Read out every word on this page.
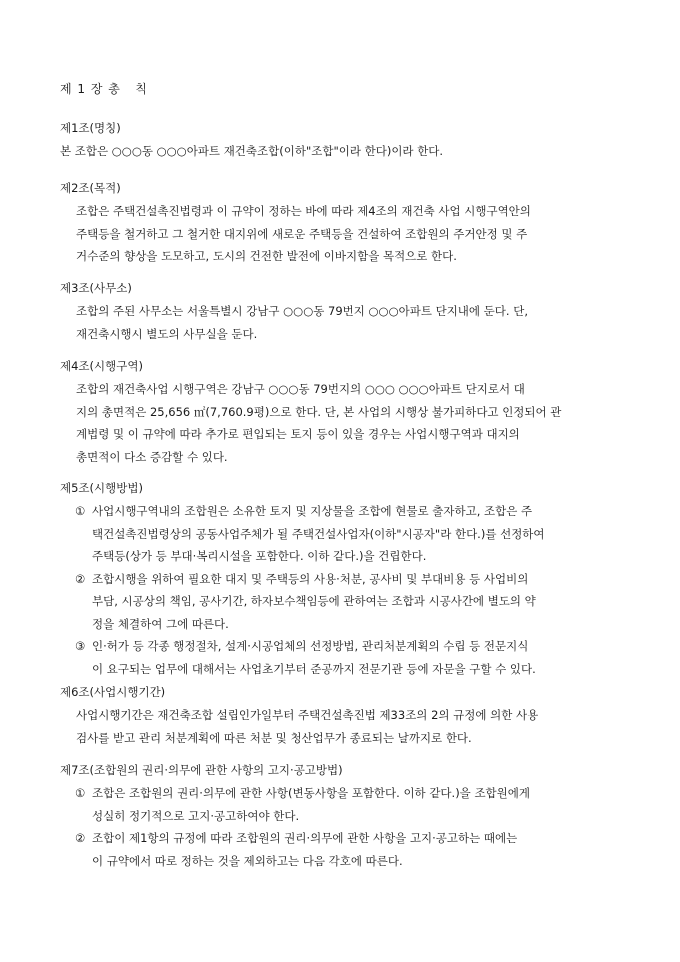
제 1 장 총   칙
제1조(명칭)
본 조합은 ○○○동 ○○○아파트 재건축조합(이하"조합"이라 한다)이라 한다.
제2조(목적)
조합은 주택건설촉진법령과 이 규약이 정하는 바에 따라 제4조의 재건축 사업 시행구역안의
주택등을 철거하고 그 철거한 대지위에 새로운 주택등을 건설하여 조합원의 주거안정 및 주
거수준의 향상을 도모하고, 도시의 건전한 발전에 이바지함을 목적으로 한다.
제3조(사무소)
조합의 주된 사무소는 서울특별시 강남구 ○○○동 79번지 ○○○아파트 단지내에 둔다. 단,
재건축시행시 별도의 사무실을 둔다.
제4조(시행구역)
조합의 재건축사업 시행구역은 강남구 ○○○동 79번지의 ○○○ ○○○아파트 단지로서 대
지의 총면적은 25,656 ㎡(7,760.9평)으로 한다. 단, 본 사업의 시행상 불가피하다고 인정되어 관
계법령 및 이 규약에 따라 추가로 편입되는 토지 등이 있을 경우는 사업시행구역과 대지의
총면적이 다소 증감할 수 있다.
제5조(시행방법)
① 사업시행구역내의 조합원은 소유한 토지 및 지상물을 조합에 현물로 출자하고, 조합은 주
택건설촉진법령상의 공동사업주체가 될 주택건설사업자(이하"시공자"라 한다.)를 선정하여
주택등(상가 등 부대·복리시설을 포함한다. 이하 같다.)을 건립한다.
② 조합시행을 위하여 필요한 대지 및 주택등의 사용·처분, 공사비 및 부대비용 등 사업비의
부담, 시공상의 책임, 공사기간, 하자보수책임등에 관하여는 조합과 시공사간에 별도의 약
정을 체결하여 그에 따른다.
③ 인·허가 등 각종 행정절차, 설계·시공업체의 선정방법, 관리처분계획의 수립 등 전문지식
이 요구되는 업무에 대해서는 사업초기부터 준공까지 전문기관 등에 자문을 구할 수 있다.
제6조(사업시행기간)
사업시행기간은 재건축조합 설립인가일부터 주택건설촉진법 제33조의 2의 규정에 의한 사용
검사를 받고 관리 처분계획에 따른 처분 및 청산업무가 종료되는 날까지로 한다.
제7조(조합원의 권리·의무에 관한 사항의 고지·공고방법)
① 조합은 조합원의 권리·의무에 관한 사항(변동사항을 포함한다. 이하 같다.)을 조합원에게
성실히 정기적으로 고지·공고하여야 한다.
② 조합이 제1항의 규정에 따라 조합원의 권리·의무에 관한 사항을 고지·공고하는 때에는
이 규약에서 따로 정하는 것을 제외하고는 다음 각호에 따른다.
